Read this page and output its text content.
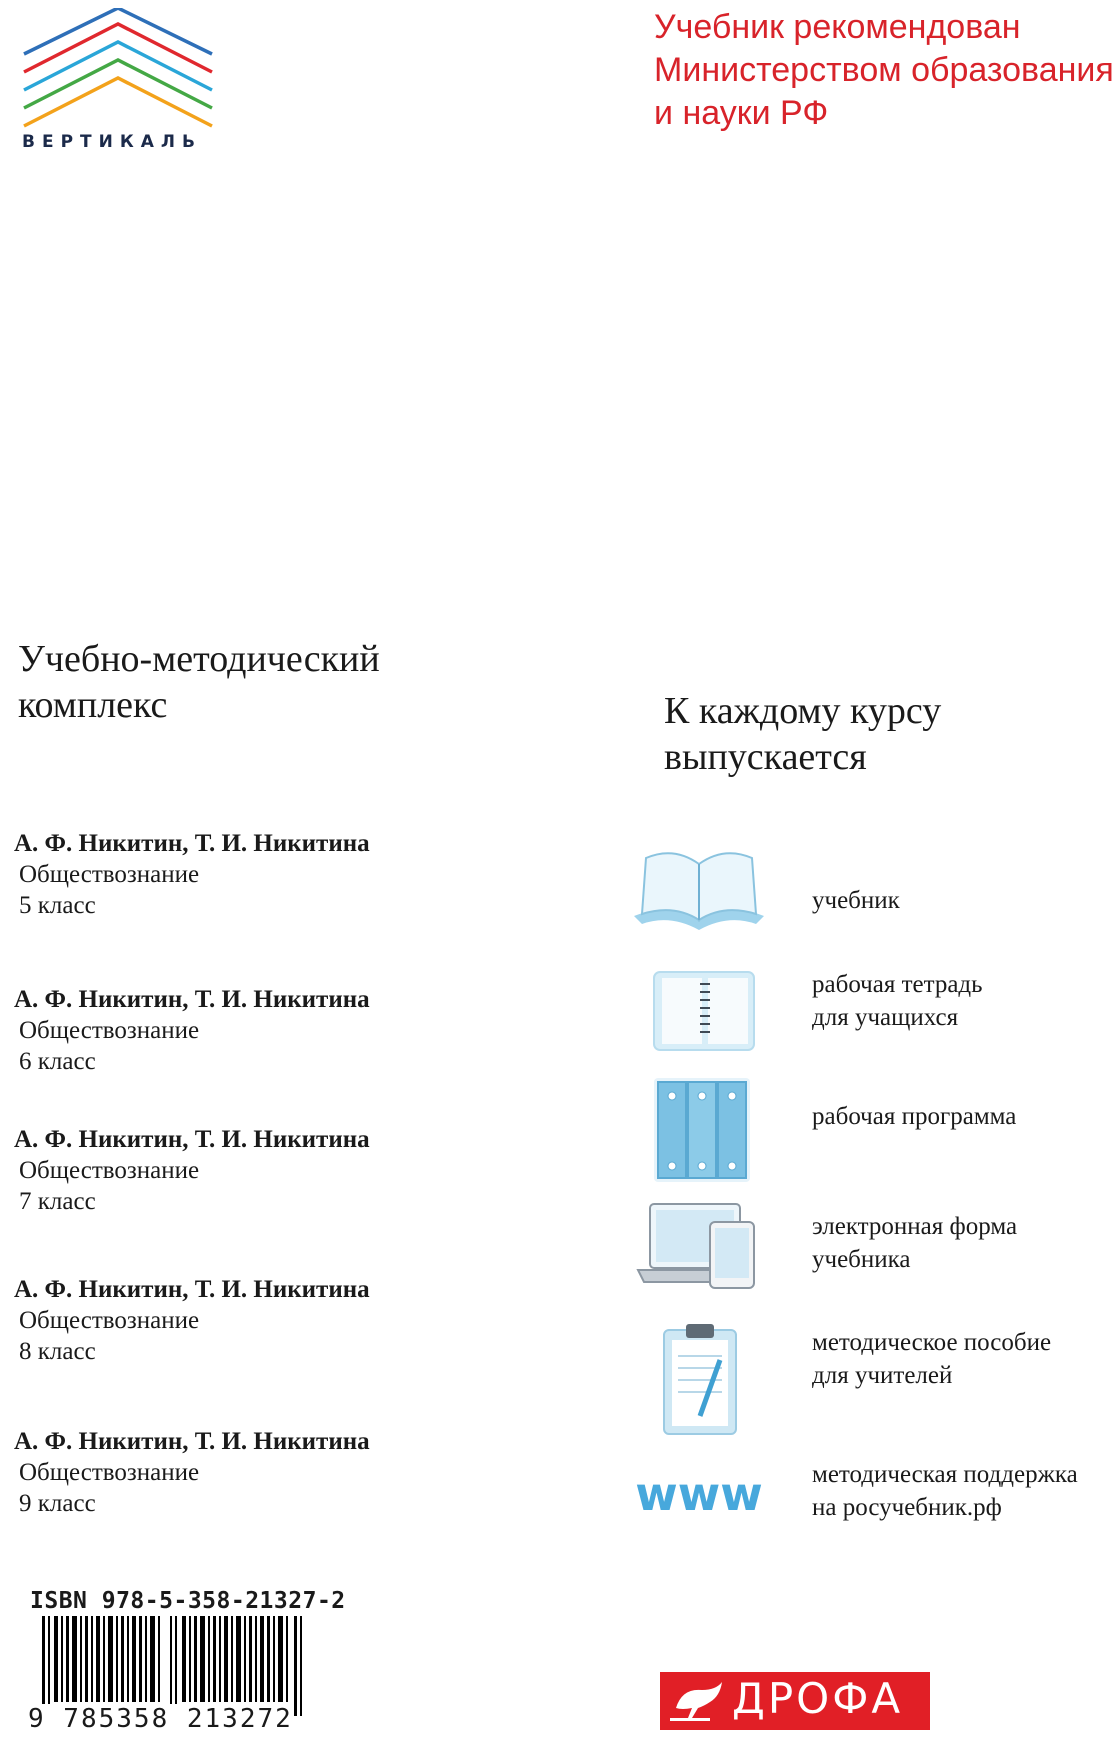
ВЕРТИКАЛЬ
Учебник рекомендован
Министерством образования
и науки РФ
Учебно-методический
комплекс
А. Ф. Никитин, Т. И. Никитина
Обществознание
5 класс
А. Ф. Никитин, Т. И. Никитина
Обществознание
6 класс
А. Ф. Никитин, Т. И. Никитина
Обществознание
7 класс
А. Ф. Никитин, Т. И. Никитина
Обществознание
8 класс
А. Ф. Никитин, Т. И. Никитина
Обществознание
9 класс
К каждому курсу
выпускается
учебник
рабочая тетрадь
для учащихся
рабочая программа
электронная форма
учебника
методическое пособие
для учителей
www методическая поддержка
на росучебник.рф
ISBN 978-5-358-21327-2
9 785358 213272	ДРОФА
